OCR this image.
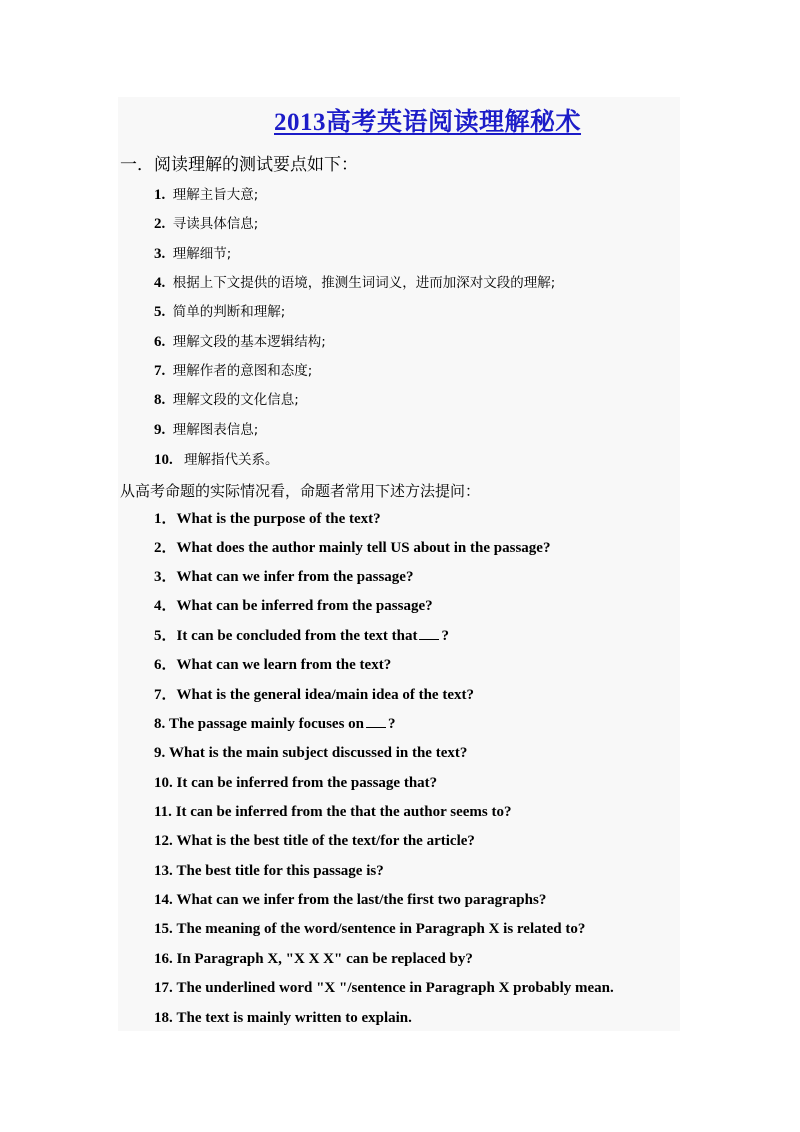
2013高考英语阅读理解秘术
一．阅读理解的测试要点如下：
1. 理解主旨大意;
2. 寻读具体信息;
3. 理解细节;
4. 根据上下文提供的语境，推测生词词义，进而加深对文段的理解;
5. 简单的判断和理解;
6. 理解文段的基本逻辑结构;
7. 理解作者的意图和态度;
8. 理解文段的文化信息;
9. 理解图表信息;
10. 理解指代关系。
从高考命题的实际情况看，命题者常用下述方法提问：
1．What is the purpose of the text?
2．What does the author mainly tell US about in the passage?
3．What can we infer from the passage?
4．What can be inferred from the passage?
5．It can be concluded from the text that ?
6．What can we learn from the text?
7．What is the general idea/main idea of the text?
8. The passage mainly focuses on ?
9. What is the main subject discussed in the text?
10. It can be inferred from the passage that?
11. It can be inferred from the that the author seems to?
12. What is the best title of the text/for the article?
13. The best title for this passage is?
14. What can we infer from the last/the first two paragraphs?
15. The meaning of the word/sentence in Paragraph X is related to?
16. In Paragraph X, "X X X" can be replaced by?
17. The underlined word "X "/sentence in Paragraph X probably mean.
18. The text is mainly written to explain.
